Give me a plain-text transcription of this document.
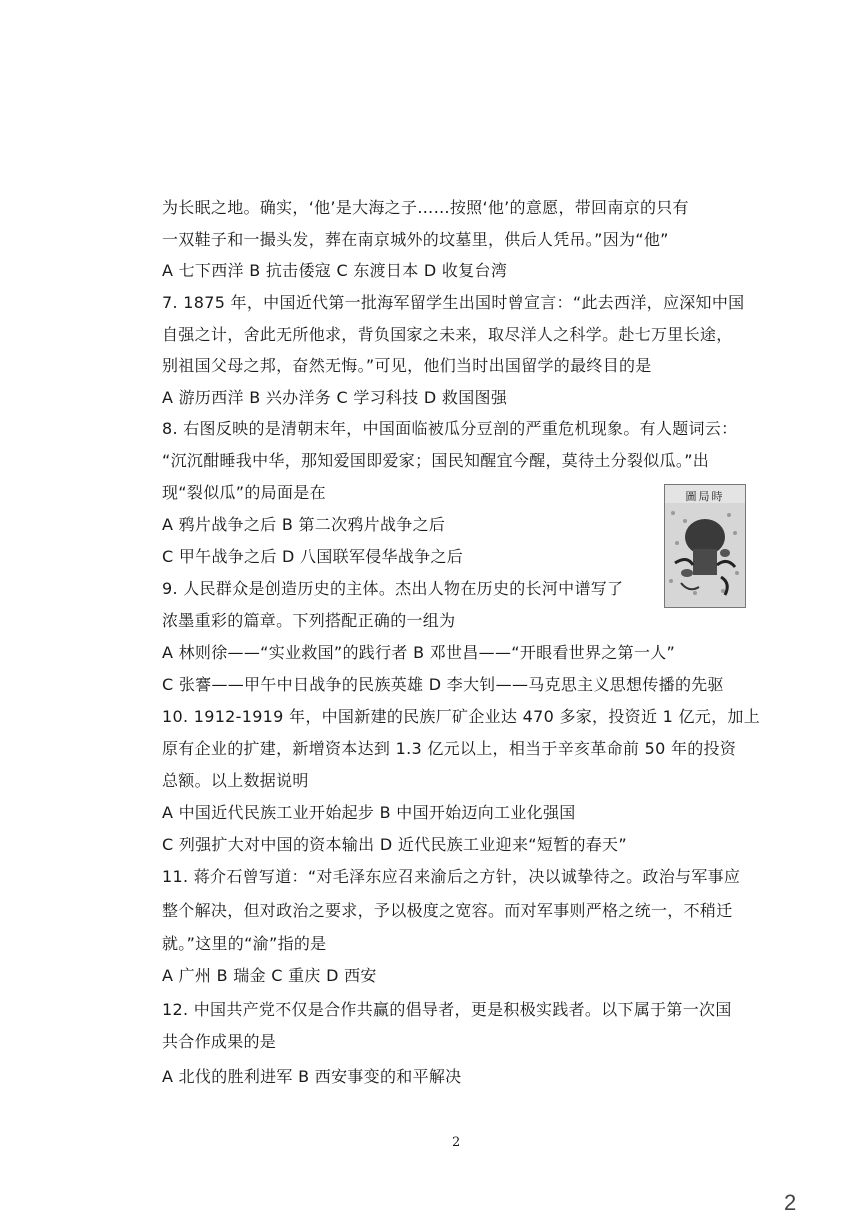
为长眠之地。确实，‘他’是大海之子……按照‘他’的意愿，带回南京的只有
一双鞋子和一撮头发，葬在南京城外的坟墓里，供后人凭吊。”因为“他”
A 七下西洋 B 抗击倭寇 C 东渡日本 D 收复台湾
7. 1875 年，中国近代第一批海军留学生出国时曾宣言：“此去西洋，应深知中国
自强之计，舍此无所他求，背负国家之未来，取尽洋人之科学。赴七万里长途，
别祖国父母之邦，奋然无悔。”可见，他们当时出国留学的最终目的是
A 游历西洋 B 兴办洋务 C 学习科技 D 救国图强
8. 右图反映的是清朝末年，中国面临被瓜分豆剖的严重危机现象。有人题词云：
“沉沉酣睡我中华，那知爱国即爱家；国民知醒宜今醒，莫待土分裂似瓜。”出
现“裂似瓜”的局面是在
A 鸦片战争之后 B 第二次鸦片战争之后
C 甲午战争之后 D 八国联军侵华战争之后
9. 人民群众是创造历史的主体。杰出人物在历史的长河中谱写了
浓墨重彩的篇章。下列搭配正确的一组为
A 林则徐——“实业救国”的践行者 B 邓世昌——“开眼看世界之第一人”
C 张謇——甲午中日战争的民族英雄 D 李大钊——马克思主义思想传播的先驱
10. 1912-1919 年，中国新建的民族厂矿企业达 470 多家，投资近 1 亿元，加上
原有企业的扩建，新增资本达到 1.3 亿元以上，相当于辛亥革命前 50 年的投资
总额。以上数据说明
A 中国近代民族工业开始起步 B 中国开始迈向工业化强国
C 列强扩大对中国的资本输出 D 近代民族工业迎来“短暂的春天”
11. 蒋介石曾写道：“对毛泽东应召来渝后之方针，决以诚挚待之。政治与军事应
整个解决，但对政治之要求，予以极度之宽容。而对军事则严格之统一，不稍迁
就。”这里的“渝”指的是
A 广州 B 瑞金 C 重庆 D 西安
12. 中国共产党不仅是合作共赢的倡导者，更是积极实践者。以下属于第一次国
共合作成果的是
A 北伐的胜利进军 B 西安事变的和平解决
圖局時
2
2
